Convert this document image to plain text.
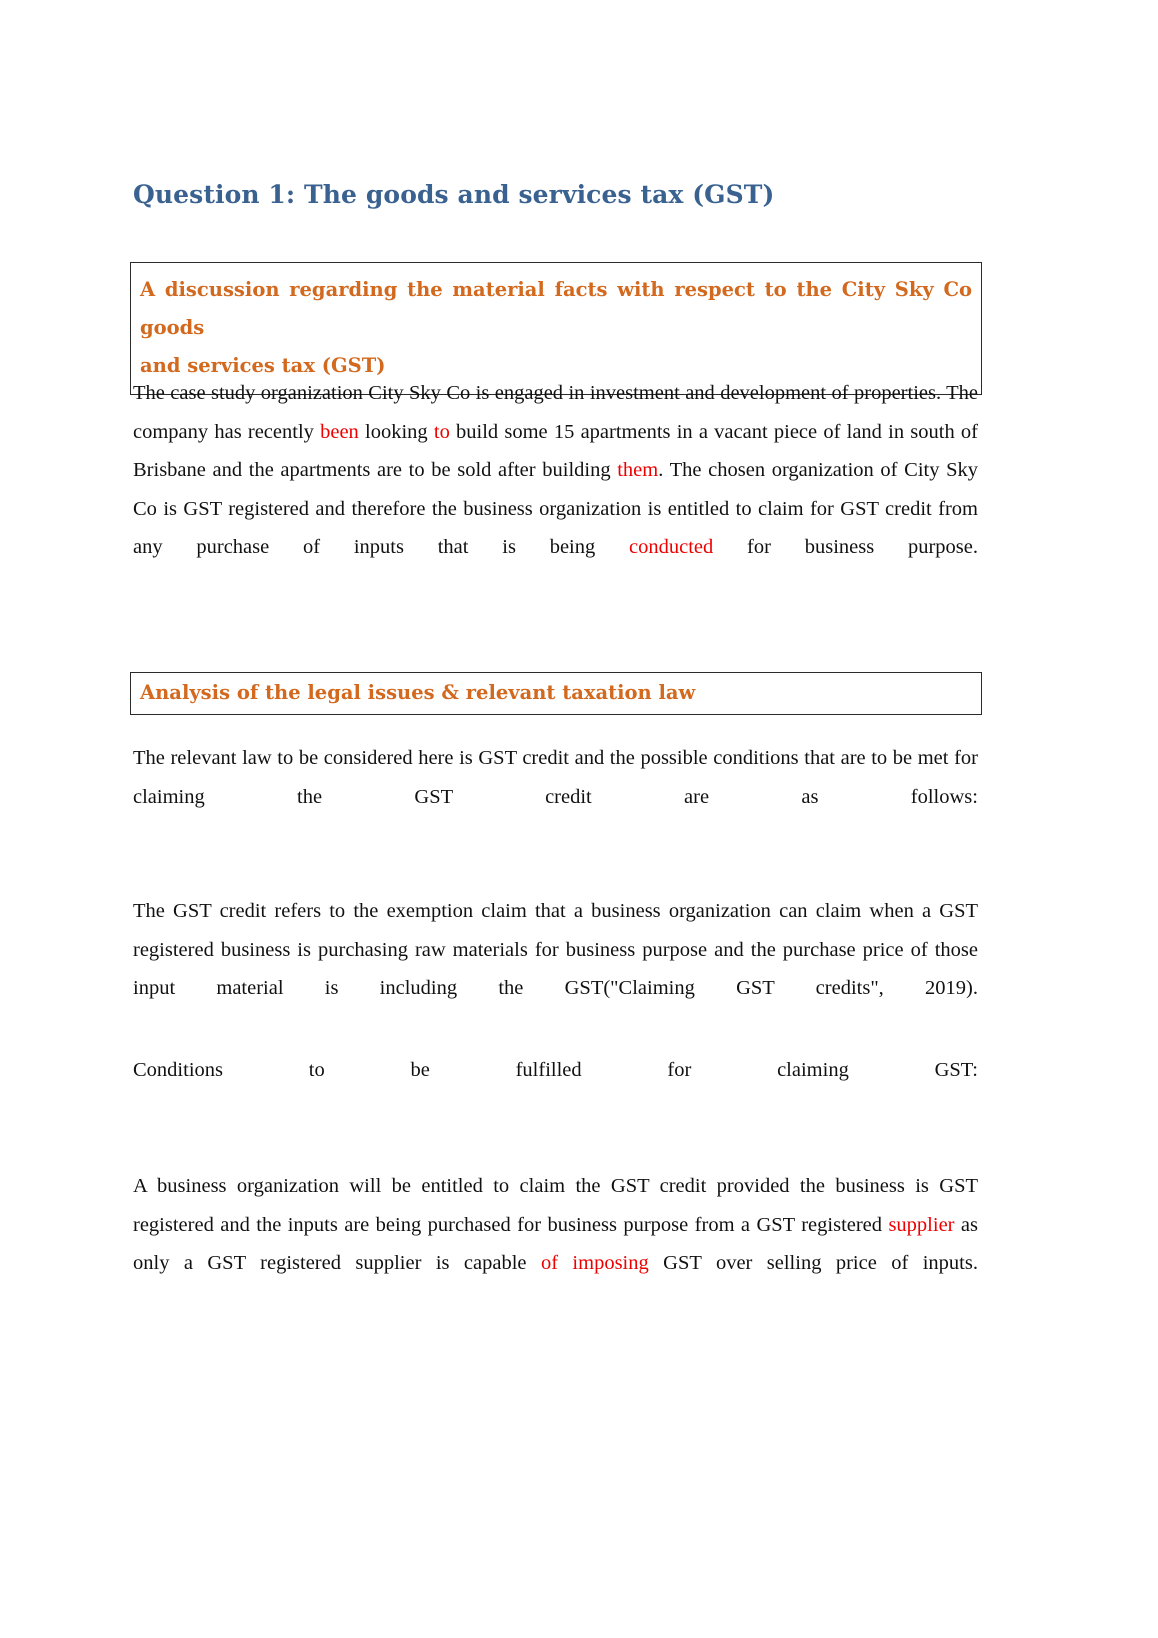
Question 1: The goods and services tax (GST)
A discussion regarding the material facts with respect to the City Sky Co goods
and services tax (GST)

The case study organization City Sky Co is engaged in investment and development of properties. The company has recently been looking to build some 15 apartments in a vacant piece of land in south of Brisbane and the apartments are to be sold after building them. The chosen organization of City Sky Co is GST registered and therefore the business organization is entitled to claim for GST credit from any purchase of inputs that is being conducted for business purpose.

Analysis of the legal issues & relevant taxation law

The relevant law to be considered here is GST credit and the possible conditions that are to be met for claiming the GST credit are as follows:

The GST credit refers to the exemption claim that a business organization can claim when a GST registered business is purchasing raw materials for business purpose and the purchase price of those input material is including the GST("Claiming GST credits", 2019).

Conditions to be fulfilled for claiming GST:

A business organization will be entitled to claim the GST credit provided the business is GST registered and the inputs are being purchased for business purpose from a GST registered supplier as only a GST registered supplier is capable of imposing GST over selling price of inputs.
